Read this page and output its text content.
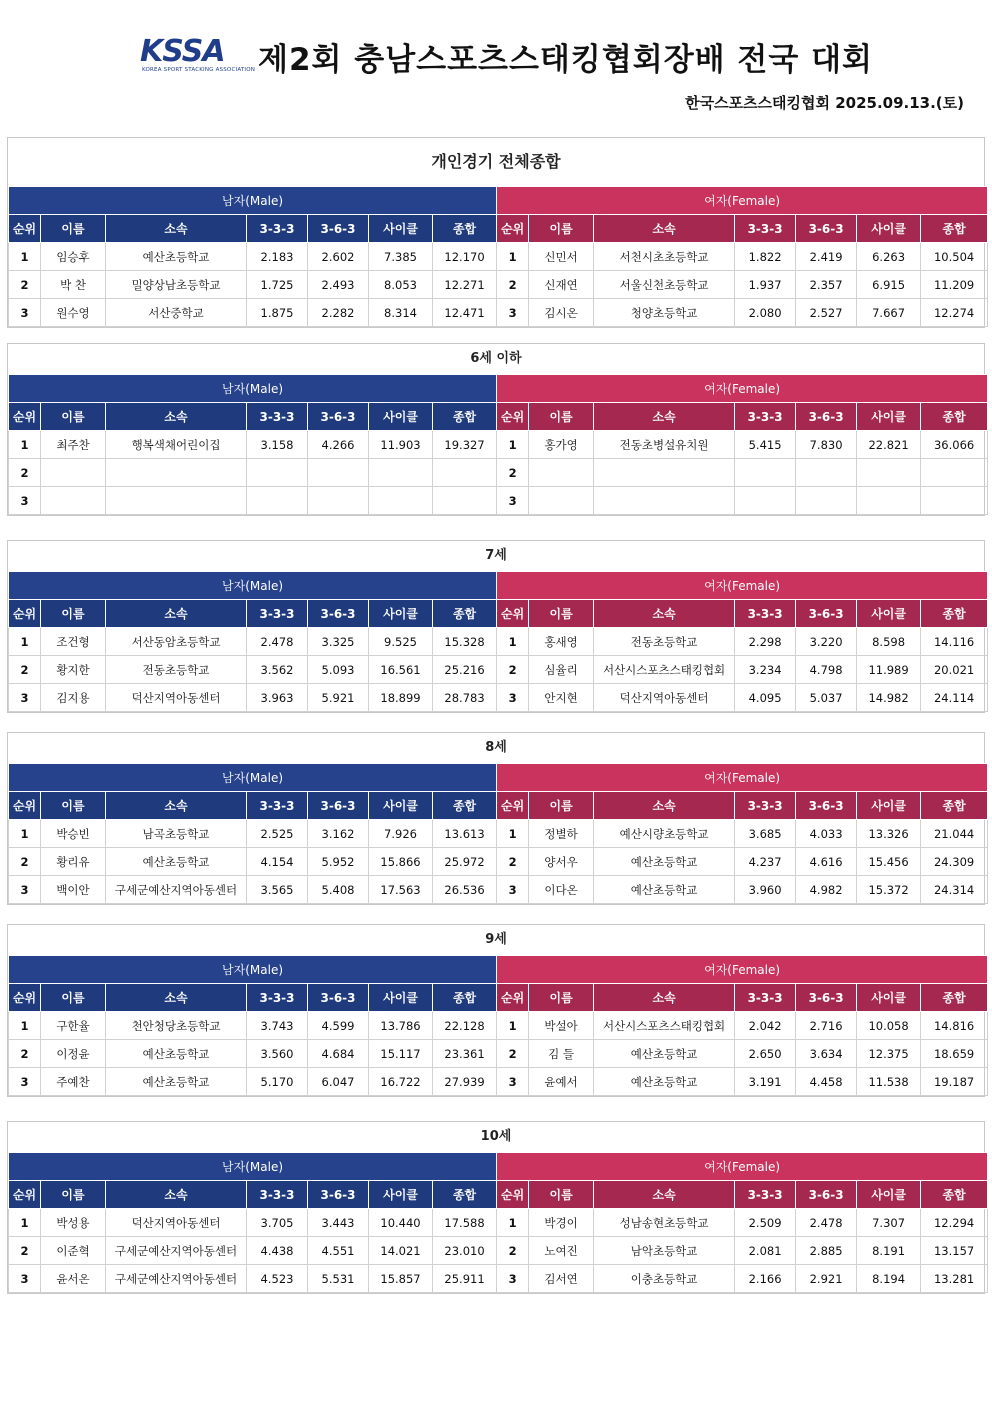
KSSA
KOREA SPORT STACKING ASSOCIATION 제2회 충남스포츠스태킹협회장배 전국 대회
한국스포츠스태킹협회 2025.09.13.(토)
개인경기 전체종합
남자(Male)							여자(Female)						
순위	이름	소속	3-3-3	3-6-3	사이클	종합	순위	이름	소속	3-3-3	3-6-3	사이클	종합
1	임승후	예산초등학교	2.183	2.602	7.385	12.170	1	신민서	서천시초초등학교	1.822	2.419	6.263	10.504
2	박 찬	밀양상남초등학교	1.725	2.493	8.053	12.271	2	신재연	서울신천초등학교	1.937	2.357	6.915	11.209
3	원수영	서산중학교	1.875	2.282	8.314	12.471	3	김시온	청양초등학교	2.080	2.527	7.667	12.274
6세 이하
남자(Male)							여자(Female)						
순위	이름	소속	3-3-3	3-6-3	사이클	종합	순위	이름	소속	3-3-3	3-6-3	사이클	종합
1	최주찬	행복색채어린이집	3.158	4.266	11.903	19.327	1	홍가영	전동초병설유치원	5.415	7.830	22.821	36.066
2							2						
3							3						
7세
남자(Male)							여자(Female)						
순위	이름	소속	3-3-3	3-6-3	사이클	종합	순위	이름	소속	3-3-3	3-6-3	사이클	종합
1	조건형	서산동암초등학교	2.478	3.325	9.525	15.328	1	홍새영	전동초등학교	2.298	3.220	8.598	14.116
2	황지한	전동초등학교	3.562	5.093	16.561	25.216	2	심율리	서산시스포츠스태킹협회	3.234	4.798	11.989	20.021
3	김지용	덕산지역아동센터	3.963	5.921	18.899	28.783	3	안지현	덕산지역아동센터	4.095	5.037	14.982	24.114
8세
남자(Male)							여자(Female)						
순위	이름	소속	3-3-3	3-6-3	사이클	종합	순위	이름	소속	3-3-3	3-6-3	사이클	종합
1	박승빈	남곡초등학교	2.525	3.162	7.926	13.613	1	정별하	예산시량초등학교	3.685	4.033	13.326	21.044
2	황리유	예산초등학교	4.154	5.952	15.866	25.972	2	양서우	예산초등학교	4.237	4.616	15.456	24.309
3	백이안	구세군예산지역아동센터	3.565	5.408	17.563	26.536	3	이다온	예산초등학교	3.960	4.982	15.372	24.314
9세
남자(Male)							여자(Female)						
순위	이름	소속	3-3-3	3-6-3	사이클	종합	순위	이름	소속	3-3-3	3-6-3	사이클	종합
1	구한율	천안청당초등학교	3.743	4.599	13.786	22.128	1	박설아	서산시스포츠스태킹협회	2.042	2.716	10.058	14.816
2	이정윤	예산초등학교	3.560	4.684	15.117	23.361	2	김 들	예산초등학교	2.650	3.634	12.375	18.659
3	주예찬	예산초등학교	5.170	6.047	16.722	27.939	3	윤예서	예산초등학교	3.191	4.458	11.538	19.187
10세
남자(Male)							여자(Female)						
순위	이름	소속	3-3-3	3-6-3	사이클	종합	순위	이름	소속	3-3-3	3-6-3	사이클	종합
1	박성용	덕산지역아동센터	3.705	3.443	10.440	17.588	1	박경이	성남송현초등학교	2.509	2.478	7.307	12.294
2	이준혁	구세군예산지역아동센터	4.438	4.551	14.021	23.010	2	노여진	남악초등학교	2.081	2.885	8.191	13.157
3	윤서온	구세군예산지역아동센터	4.523	5.531	15.857	25.911	3	김서연	이충초등학교	2.166	2.921	8.194	13.281
